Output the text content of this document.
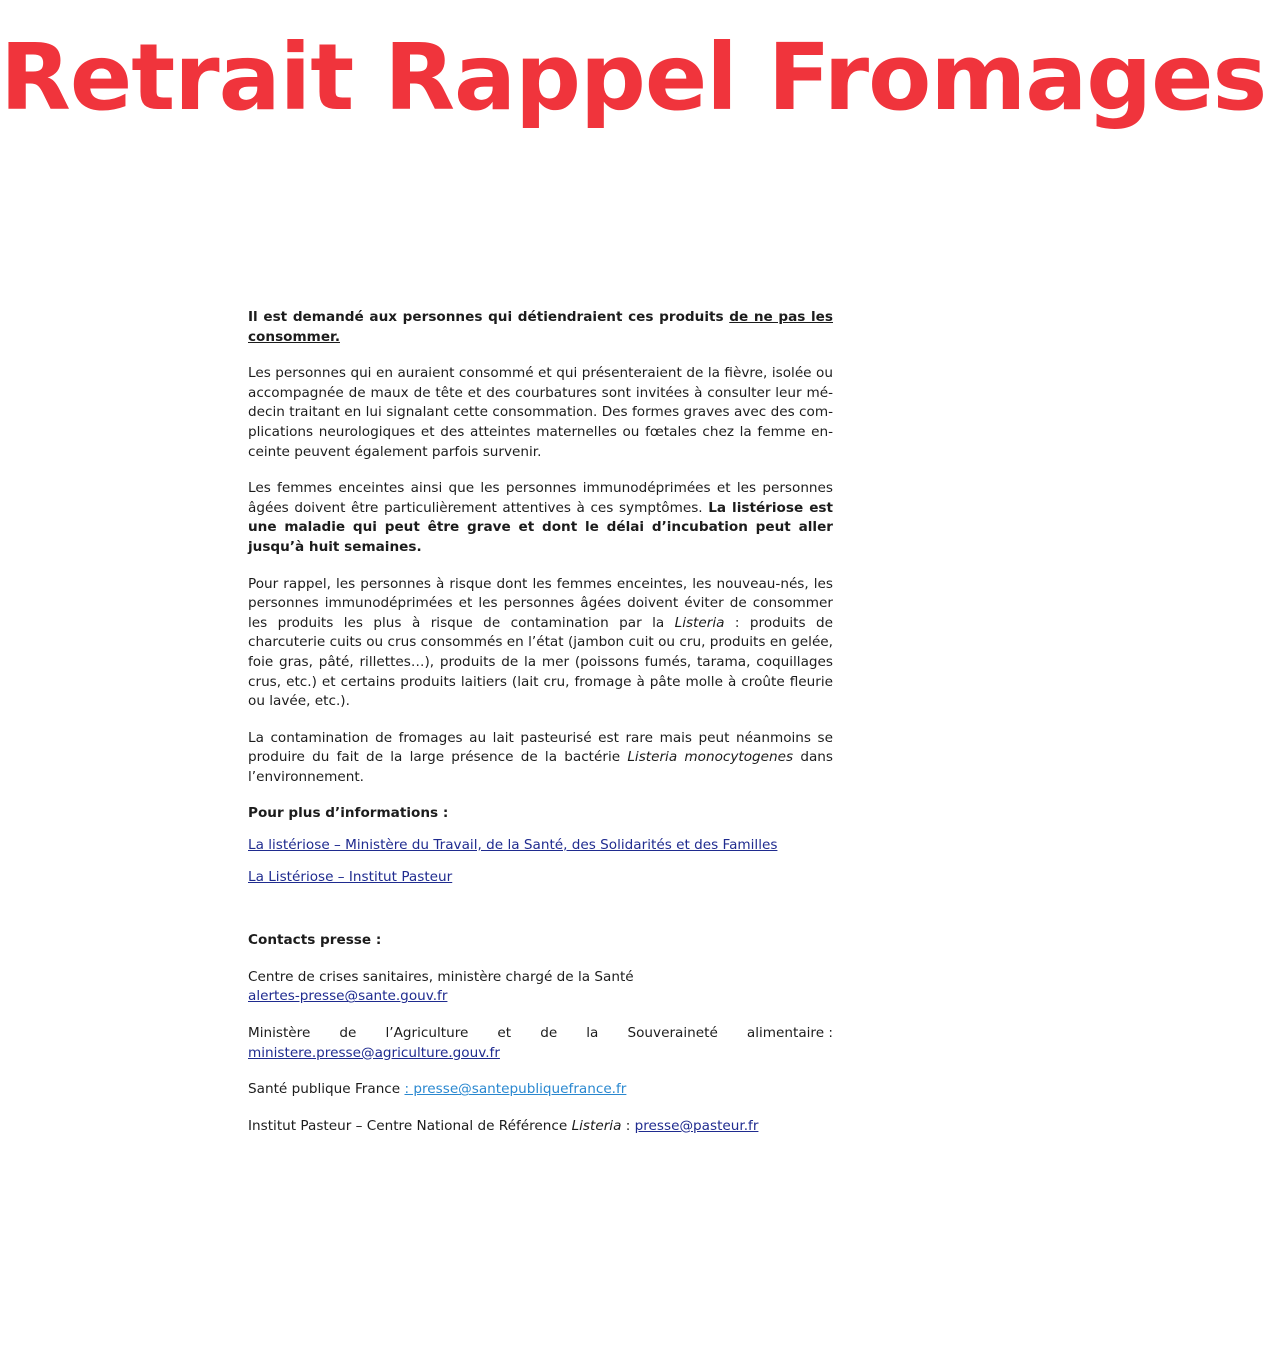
Retrait Rappel Fromages

Il est demandé aux personnes qui détiendraient ces produits de ne pas les consommer.

Les personnes qui en auraient consommé et qui présenteraient de la fièvre, isolée ou accompagnée de maux de tête et des courbatures sont invitées à consulter leur médecin traitant en lui signalant cette consommation. Des formes graves avec des complications neurologiques et des atteintes maternelles ou fœtales chez la femme enceinte peuvent également parfois survenir.

Les femmes enceintes ainsi que les personnes immunodéprimées et les personnes âgées doivent être particulièrement attentives à ces symptômes. La listériose est une maladie qui peut être grave et dont le délai d’incubation peut aller jusqu’à huit semaines.

Pour rappel, les personnes à risque dont les femmes enceintes, les nouveau-nés, les personnes immunodéprimées et les personnes âgées doivent éviter de consommer les produits les plus à risque de contamination par la Listeria : produits de charcuterie cuits ou crus consommés en l’état (jambon cuit ou cru, produits en gelée, foie gras, pâté, rillettes…), produits de la mer (poissons fumés, tarama, coquillages crus, etc.) et certains produits laitiers (lait cru, fromage à pâte molle à croûte fleurie ou lavée, etc.).

La contamination de fromages au lait pasteurisé est rare mais peut néanmoins se produire du fait de la large présence de la bactérie Listeria monocytogenes dans l’environnement.

Pour plus d’informations :

La listériose – Ministère du Travail, de la Santé, des Solidarités et des Familles

La Listériose – Institut Pasteur

Contacts presse :

Centre de crises sanitaires, ministère chargé de la Santé

alertes-presse@sante.gouv.fr

Ministère de l’Agriculture et de la Souveraineté alimentaire :

ministere.presse@agriculture.gouv.fr

Santé publique France : presse@santepubliquefrance.fr

Institut Pasteur – Centre National de Référence Listeria : presse@pasteur.fr
